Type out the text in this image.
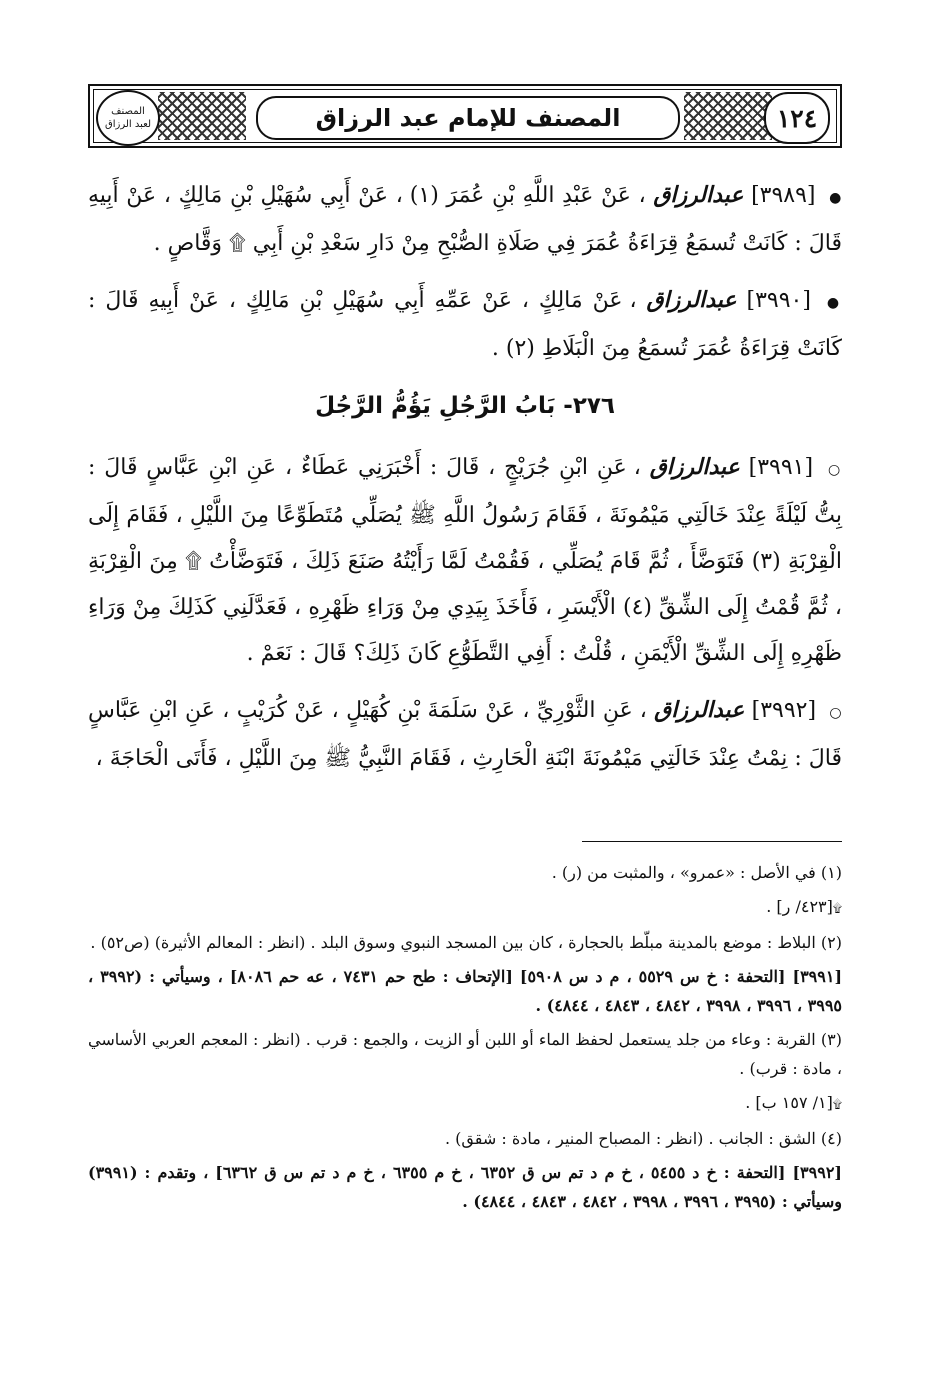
المصنف
لعبد الرزاق	المصنف للإمام عبد الرزاق	١٢٤

● [٣٩٨٩] عبدالرزاق ، عَنْ عَبْدِ اللَّهِ بْنِ عُمَرَ (١) ، عَنْ أَبِي سُهَيْلِ بْنِ مَالِكٍ ، عَنْ أَبِيهِ قَالَ : كَانَتْ تُسمَعُ قِرَاءَةُ عُمَرَ فِي صَلَاةِ الصُّبْحِ مِنْ دَارِ سَعْدِ بْنِ أَبِي ۩ وَقَّاصٍ .

● [٣٩٩٠] عبدالرزاق ، عَنْ مَالِكٍ ، عَنْ عَمِّهِ أَبِي سُهَيْلِ بْنِ مَالِكٍ ، عَنْ أَبِيهِ قَالَ : كَانَتْ قِرَاءَةُ عُمَرَ تُسمَعُ مِنَ الْبَلَاطِ (٢) .

٢٧٦- بَابُ الرَّجُلِ يَؤُمُّ الرَّجُلَ

○ [٣٩٩١] عبدالرزاق ، عَنِ ابْنِ جُرَيْجٍ ، قَالَ : أَخْبَرَنِي عَطَاءٌ ، عَنِ ابْنِ عَبَّاسٍ قَالَ : بِتُّ لَيْلَةً عِنْدَ خَالَتِي مَيْمُونَةَ ، فَقَامَ رَسُولُ اللَّهِ ﷺ يُصَلِّي مُتَطَوِّعًا مِنَ اللَّيْلِ ، فَقَامَ إِلَى الْقِرْبَةِ (٣) فَتَوَضَّأَ ، ثُمَّ قَامَ يُصَلِّي ، فَقُمْتُ لَمَّا رَأَيْتُهُ صَنَعَ ذَلِكَ ، فَتَوَضَّأْتُ ۩ مِنَ الْقِرْبَةِ ، ثُمَّ قُمْتُ إِلَى الشِّقِّ (٤) الْأَيْسَرِ ، فَأَخَذَ بِيَدِي مِنْ وَرَاءِ ظَهْرِهِ ، فَعَدَّلَنِي كَذَلِكَ مِنْ وَرَاءِ ظَهْرِهِ إِلَى الشِّقِّ الْأَيْمَنِ ، قُلْتُ : أَفِي التَّطَوُّعِ كَانَ ذَلِكَ؟ قَالَ : نَعَمْ .

○ [٣٩٩٢] عبدالرزاق ، عَنِ الثَّوْرِيِّ ، عَنْ سَلَمَةَ بْنِ كُهَيْلٍ ، عَنْ كُرَيْبٍ ، عَنِ ابْنِ عَبَّاسٍ قَالَ : نِمْتُ عِنْدَ خَالَتِي مَيْمُونَةَ ابْنَةِ الْحَارِثِ ، فَقَامَ النَّبِيُّ ﷺ مِنَ اللَّيْلِ ، فَأَتَى الْحَاجَةَ ،

(١) في الأصل : «عمرو» ، والمثبت من (ر) .

۩[٤٢٣/ ر] .

(٢) البلاط : موضع بالمدينة مبلّط بالحجارة ، كان بين المسجد النبوي وسوق البلد . (انظر : المعالم الأثيرة) (ص٥٢) .

[٣٩٩١] [التحفة : خ س ٥٥٢٩ ، م د س ٥٩٠٨] [الإتحاف : طح حم ٧٤٣١ ، عه حم ٨٠٨٦] ، وسيأتي : (٣٩٩٢ ، ٣٩٩٥ ، ٣٩٩٦ ، ٣٩٩٨ ، ٤٨٤٢ ، ٤٨٤٣ ، ٤٨٤٤) .

(٣) القربة : وعاء من جلد يستعمل لحفظ الماء أو اللبن أو الزيت ، والجمع : قرب . (انظر : المعجم العربي الأساسي ، مادة : قرب) .

۩[١/ ١٥٧ ب] .

(٤) الشق : الجانب . (انظر : المصباح المنير ، مادة : شقق) .

[٣٩٩٢] [التحفة : خ د ٥٤٥٥ ، خ م د تم س ق ٦٣٥٢ ، خ م ٦٣٥٥ ، خ م د تم س ق ٦٣٦٢] ، وتقدم : (٣٩٩١) وسيأتي : (٣٩٩٥ ، ٣٩٩٦ ، ٣٩٩٨ ، ٤٨٤٢ ، ٤٨٤٣ ، ٤٨٤٤) .
